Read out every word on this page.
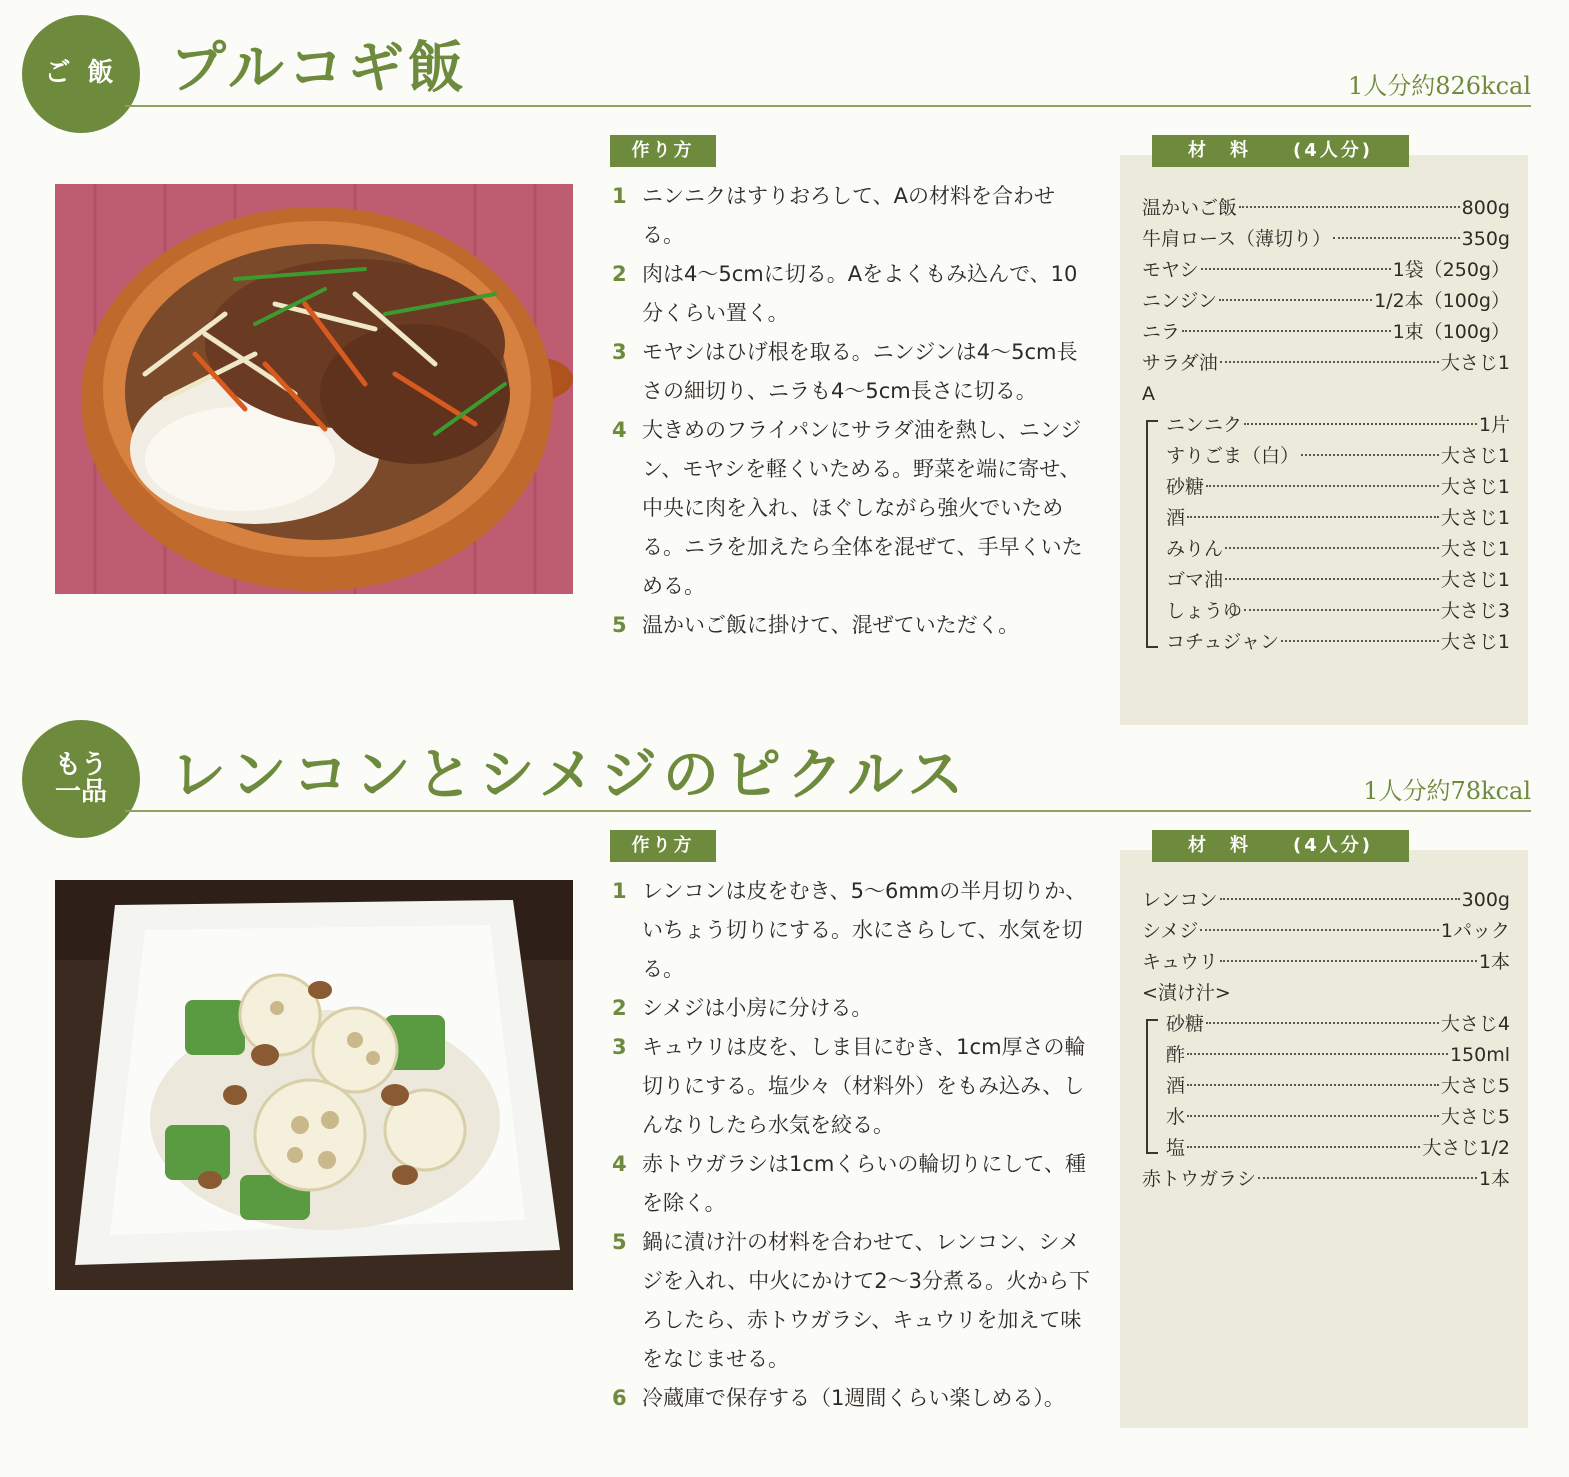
ご 飯 プルコギ飯	1人分約826kcal
作り方
1 ニンニクはすりおろして、Aの材料を合わせる。
2 肉は4〜5cmに切る。Aをよくもみ込んで、10分くらい置く。
3 モヤシはひげ根を取る。ニンジンは4〜5cm長さの細切り、ニラも4〜5cm長さに切る。
4 大きめのフライパンにサラダ油を熱し、ニンジン、モヤシを軽くいためる。野菜を端に寄せ、中央に肉を入れ、ほぐしながら強火でいためる。ニラを加えたら全体を混ぜて、手早くいためる。
5 温かいご飯に掛けて、混ぜていただく。
材　料　　(4人分)
温かいご飯	800g
牛肩ロース（薄切り）	350g
モヤシ	1袋（250g）
ニンジン	1/2本（100g）
ニラ	1束（100g）
サラダ油	大さじ1
A
ニンニク	1片
すりごま（白）	大さじ1
砂糖	大さじ1
酒	大さじ1
みりん	大さじ1
ゴマ油	大さじ1
しょうゆ	大さじ3
コチュジャン	大さじ1
もう
一品 レンコンとシメジのピクルス	1人分約78kcal
作り方
1 レンコンは皮をむき、5〜6mmの半月切りか、いちょう切りにする。水にさらして、水気を切る。
2 シメジは小房に分ける。
3 キュウリは皮を、しま目にむき、1cm厚さの輪切りにする。塩少々（材料外）をもみ込み、しんなりしたら水気を絞る。
4 赤トウガラシは1cmくらいの輪切りにして、種を除く。
5 鍋に漬け汁の材料を合わせて、レンコン、シメジを入れ、中火にかけて2〜3分煮る。火から下ろしたら、赤トウガラシ、キュウリを加えて味をなじませる。
6 冷蔵庫で保存する（1週間くらい楽しめる）。
材　料　　(4人分)
レンコン	300g
シメジ	1パック
キュウリ	1本
<漬け汁>
砂糖	大さじ4
酢	150ml
酒	大さじ5
水	大さじ5
塩	大さじ1/2
赤トウガラシ	1本
